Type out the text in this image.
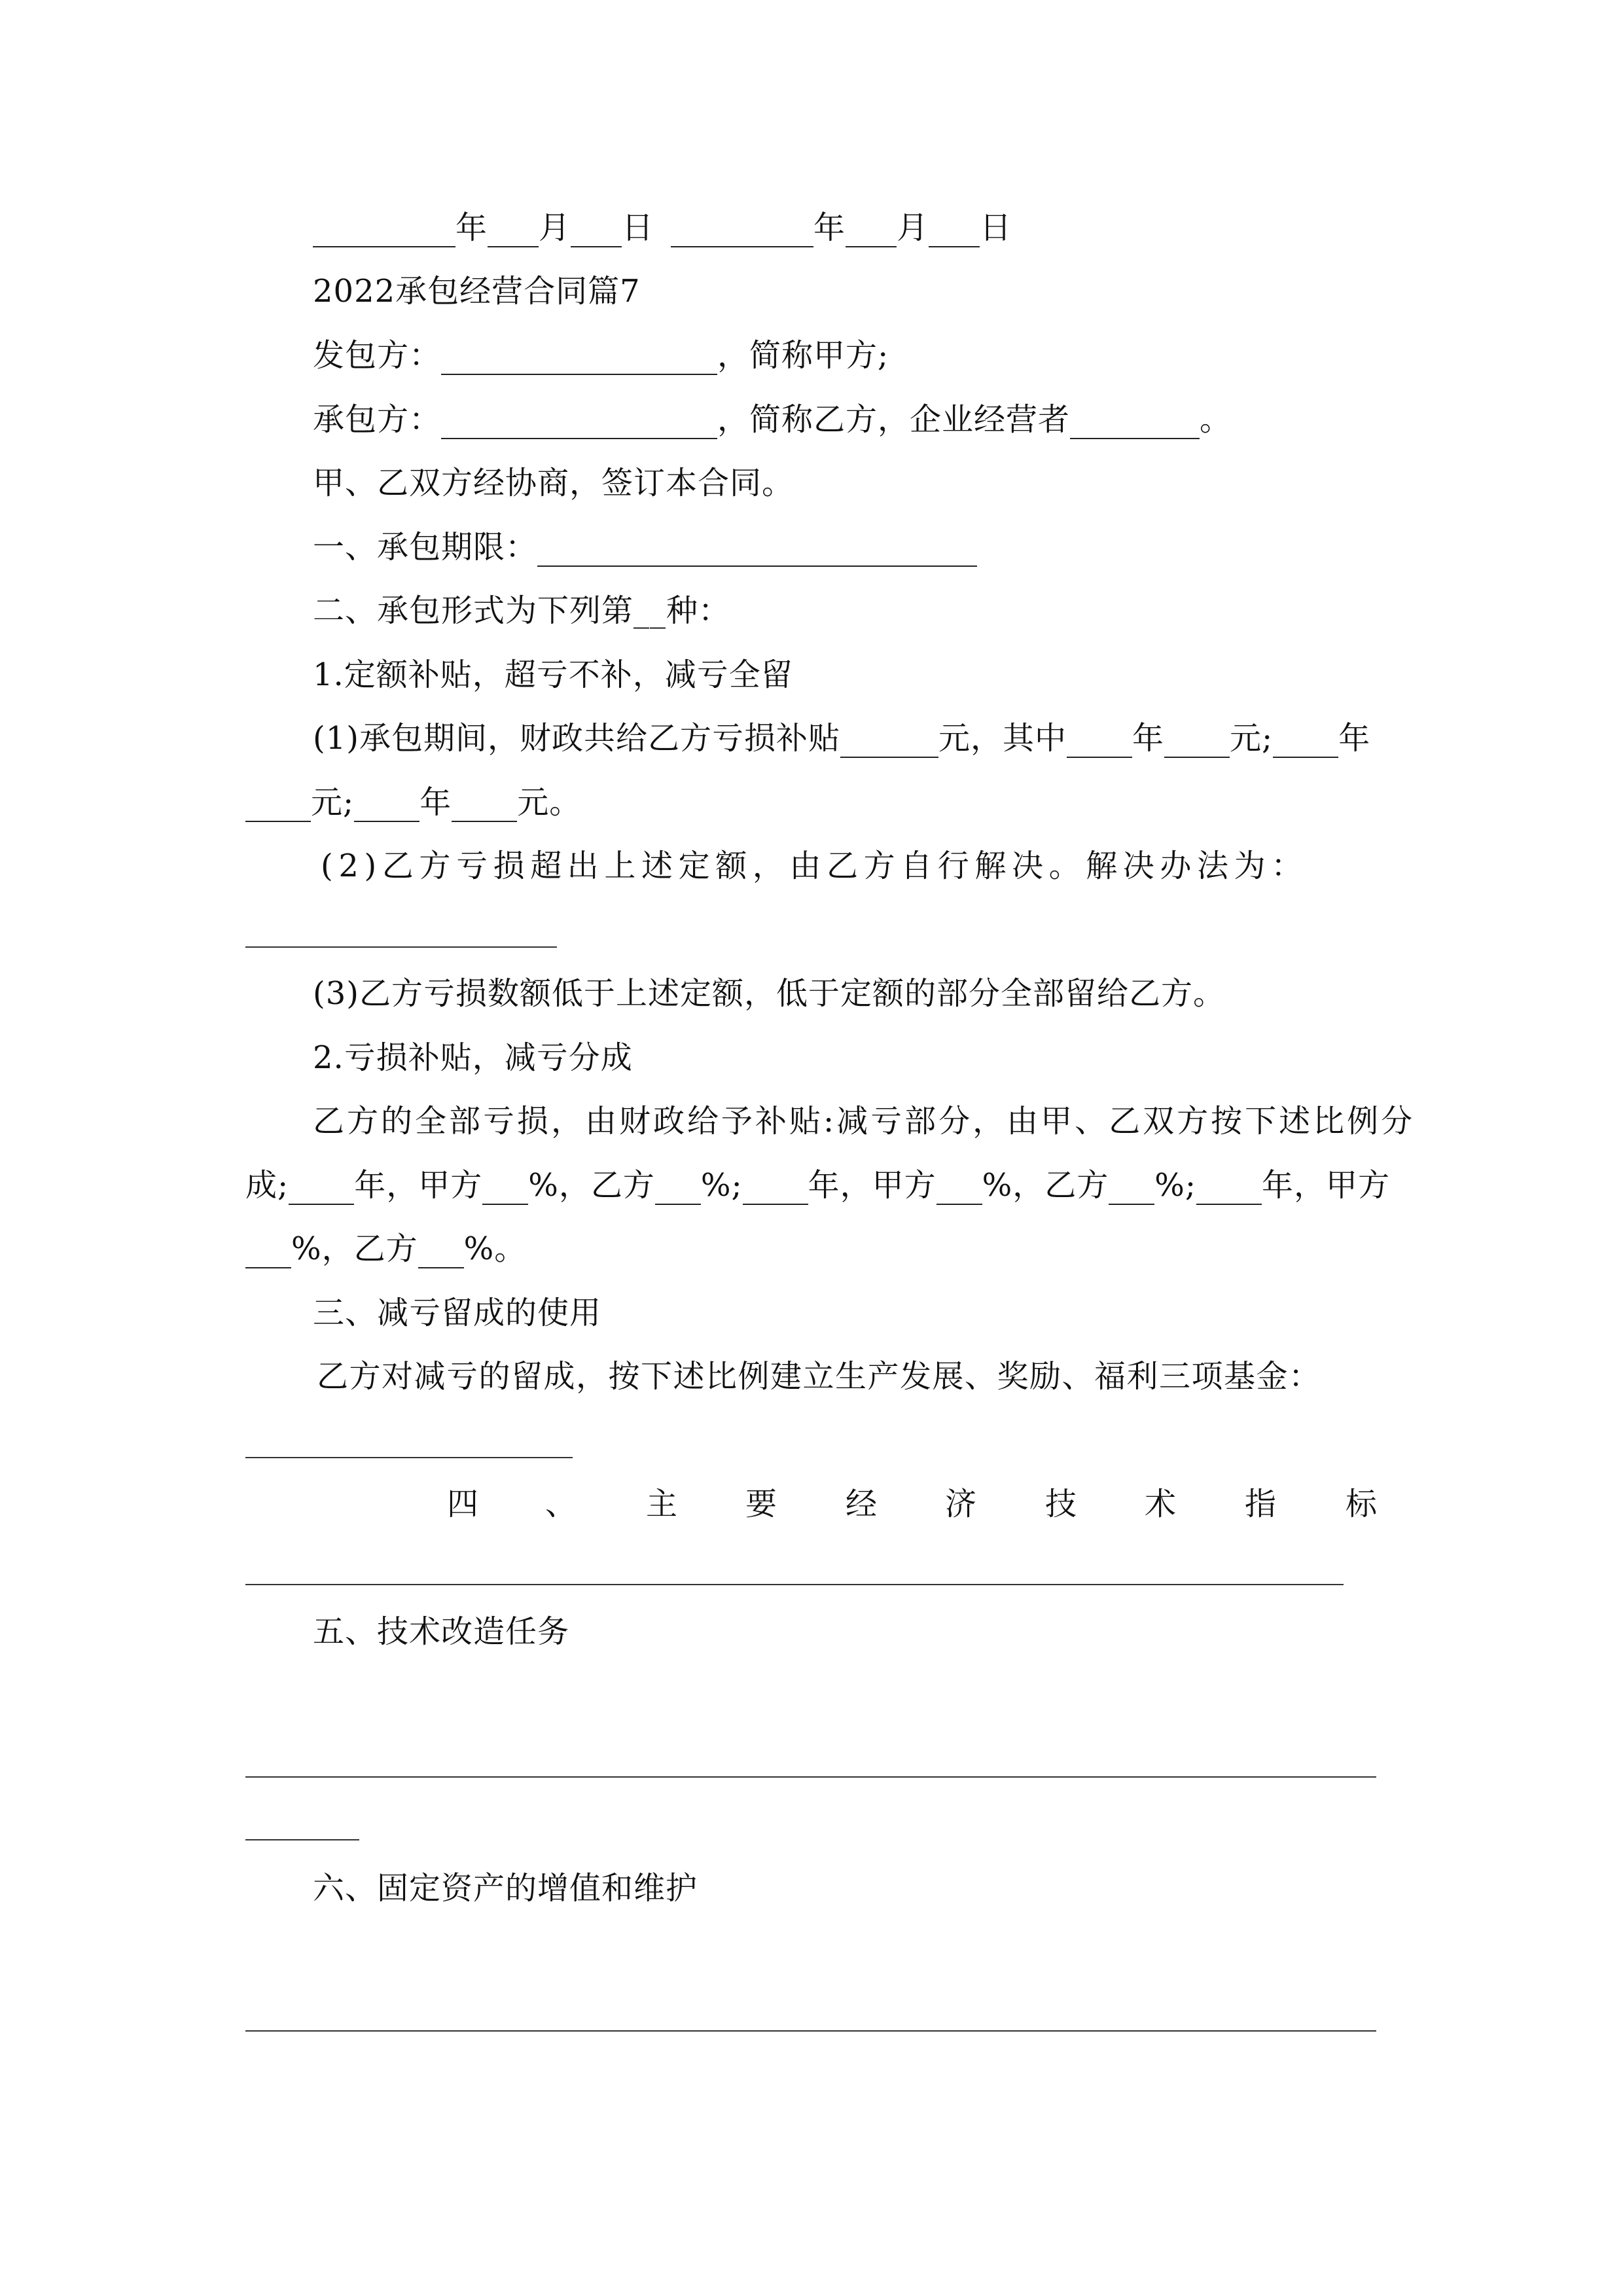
年 月 日	年 月 日
2022承包经营合同篇7
发包方：	，简称甲方;
承包方：	，简称乙方，企业经营者	。
甲、乙双方经协商，签订本合同。
一、承包期限：
二、承包形式为下列第__种：
1.定额补贴，超亏不补，减亏全留
(1)承包期间，财政共给乙方亏损补贴	元，其中 年 元; 年
元; 年 元。
(2)乙方亏损超出上述定额，由乙方自行解决。解决办法为：
(3)乙方亏损数额低于上述定额，低于定额的部分全部留给乙方。
2.亏损补贴，减亏分成
乙方的全部亏损，由财政给予补贴:减亏部分，由甲、乙双方按下述比例分
成; 年，甲方 %，乙方 %; 年，甲方 %，乙方 %; 年，甲方
%，乙方 %。
三、减亏留成的使用
乙方对减亏的留成，按下述比例建立生产发展、奖励、福利三项基金：
四 、 主 要 经 济 技 术 指 标
五、技术改造任务
六、固定资产的增值和维护
